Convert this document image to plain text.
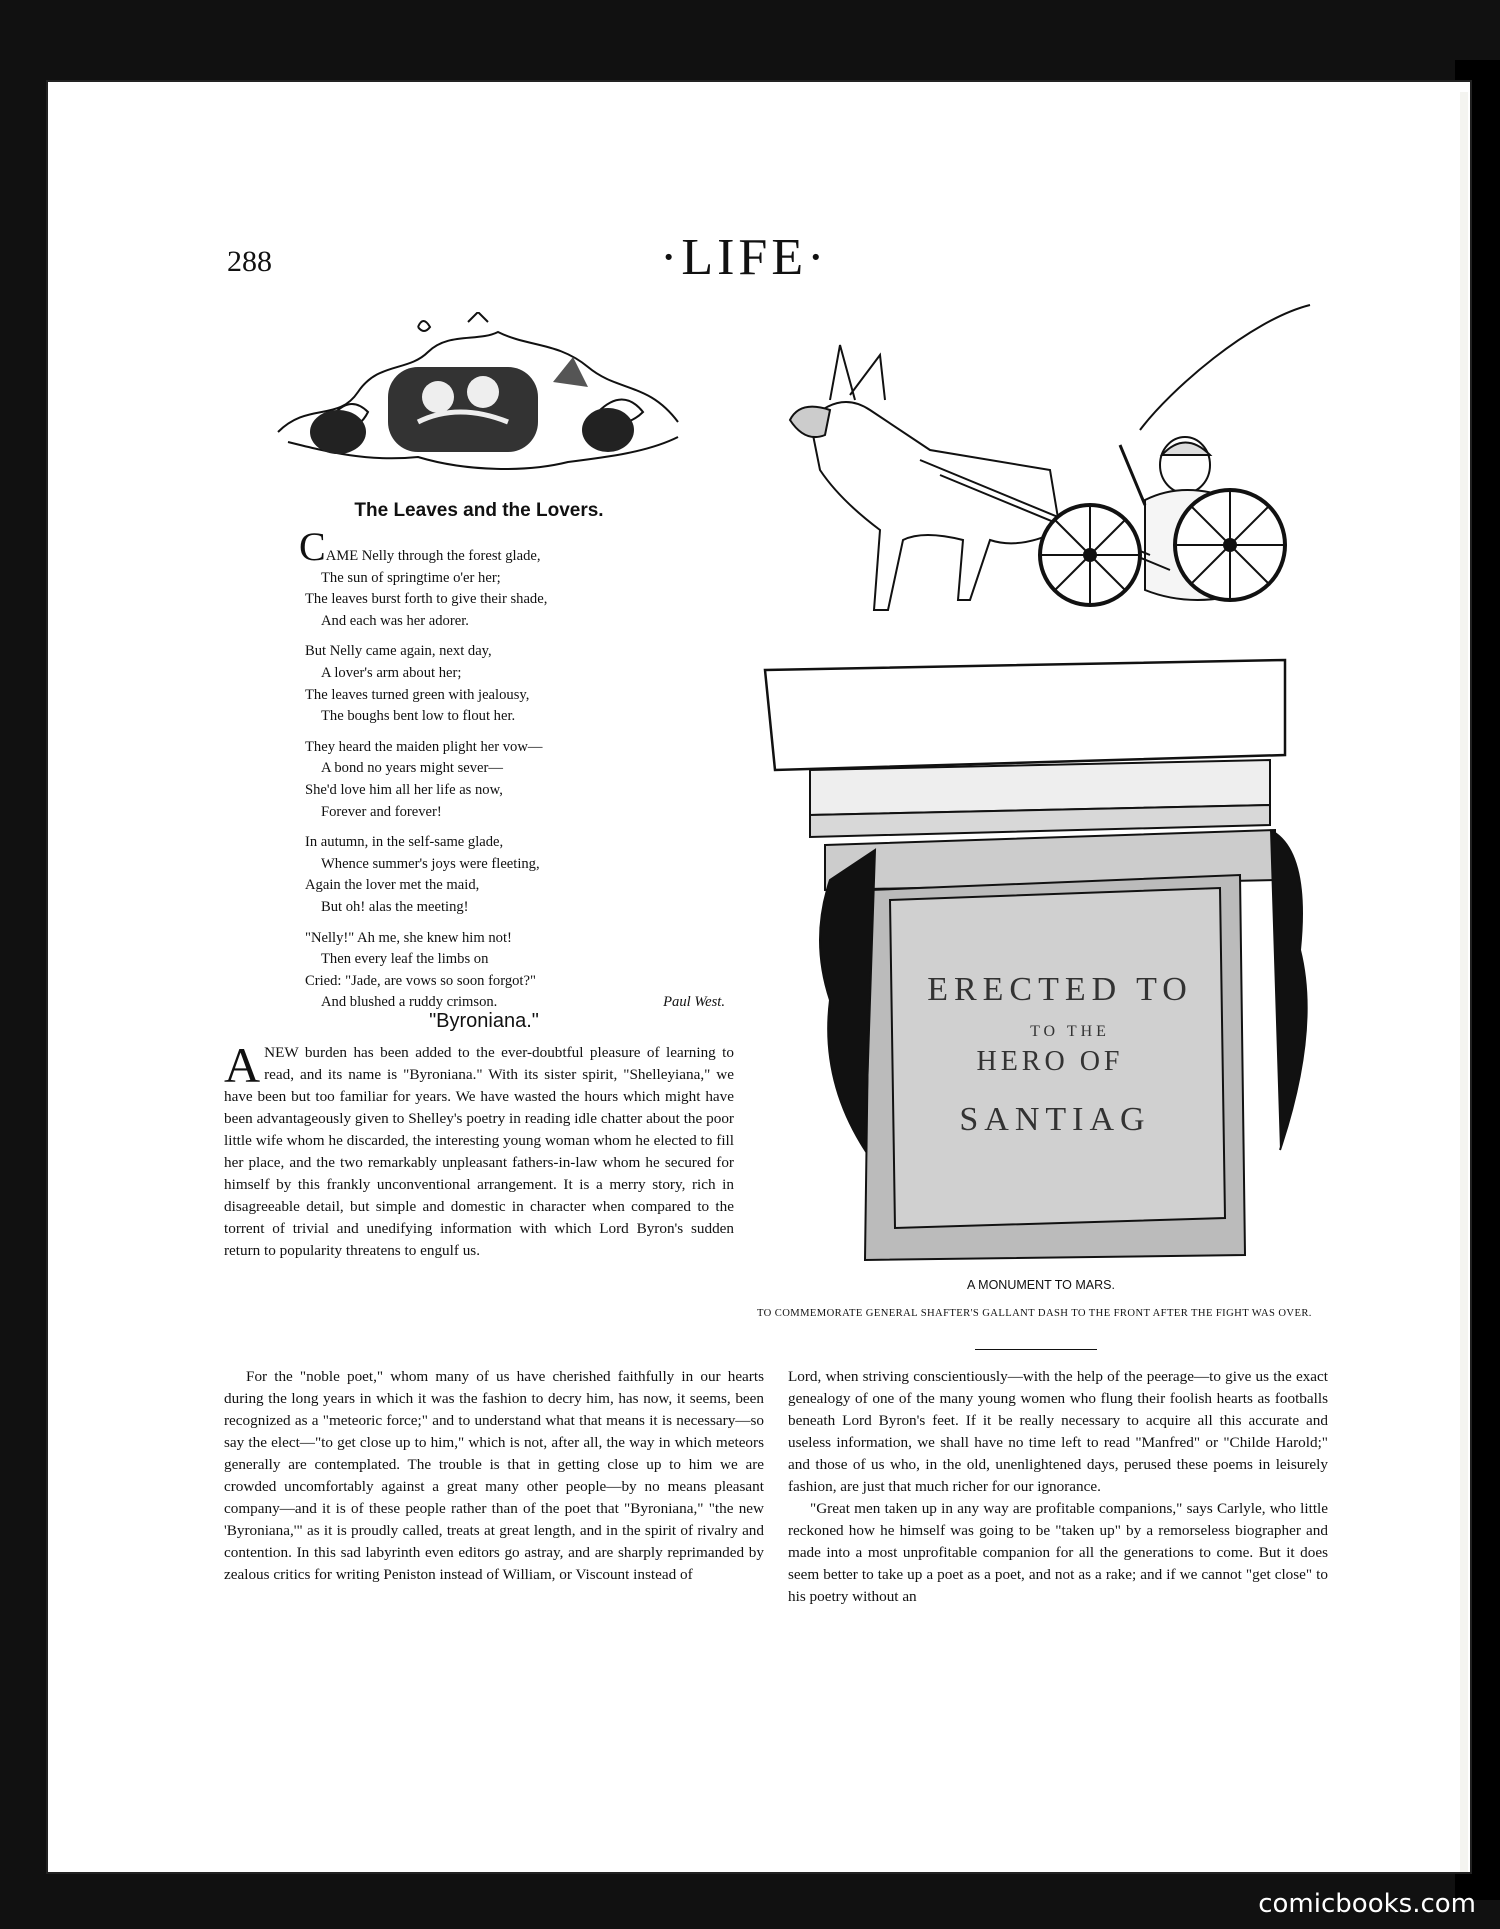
288	·LIFE·
The Leaves and the Lovers.
CAME Nelly through the forest glade,
The sun of springtime o'er her;
The leaves burst forth to give their shade,
And each was her adorer.
But Nelly came again, next day,
A lover's arm about her;
The leaves turned green with jealousy,
The boughs bent low to flout her.
They heard the maiden plight her vow—
A bond no years might sever—
She'd love him all her life as now,
Forever and forever!
In autumn, in the self-same glade,
Whence summer's joys were fleeting,
Again the lover met the maid,
But oh! alas the meeting!
"Nelly!" Ah me, she knew him not!
Then every leaf the limbs on
Cried: "Jade, are vows so soon forgot?"
And blushed a ruddy crimson.	Paul West.
"Byroniana."

ANEW burden has been added to the ever-doubtful pleasure of learning to read, and its name is "Byroniana." With its sister spirit, "Shelleyiana," we have been but too familiar for years. We have wasted the hours which might have been advantageously given to Shelley's poetry in reading idle chatter about the poor little wife whom he discarded, the interesting young woman whom he elected to fill her place, and the two remarkably unpleasant fathers-in-law whom he secured for himself by this frankly unconventional arrangement. It is a merry story, rich in disagreeable detail, but simple and domestic in character when compared to the torrent of trivial and unedifying information with which Lord Byron's sudden return to popularity threatens to engulf us.

For the "noble poet," whom many of us have cherished faithfully in our hearts during the long years in which it was the fashion to decry him, has now, it seems, been recognized as a "meteoric force;" and to understand what that means it is necessary—so say the elect—"to get close up to him," which is not, after all, the way in which meteors generally are contemplated. The trouble is that in getting close up to him we are crowded uncomfortably against a great many other people—by no means pleasant company—and it is of these people rather than of the poet that "Byroniana," "the new 'Byroniana,'" as it is proudly called, treats at great length, and in the spirit of rivalry and contention. In this sad labyrinth even editors go astray, and are sharply reprimanded by zealous critics for writing Peniston instead of William, or Viscount instead of

Lord, when striving conscientiously—with the help of the peerage—to give us the exact genealogy of one of the many young women who flung their foolish hearts as footballs beneath Lord Byron's feet. If it be really necessary to acquire all this accurate and useless information, we shall have no time left to read "Manfred" or "Childe Harold;" and those of us who, in the old, unenlightened days, perused these poems in leisurely fashion, are just that much richer for our ignorance.

"Great men taken up in any way are profitable companions," says Carlyle, who little reckoned how he himself was going to be "taken up" by a remorseless biographer and made into a most unprofitable companion for all the generations to come. But it does seem better to take up a poet as a poet, and not as a rake; and if we cannot "get close" to his poetry without an

ERECTED TO
TO THE
HERO OF
SANTIAG
A MONUMENT TO MARS.
TO COMMEMORATE GENERAL SHAFTER'S GALLANT DASH TO THE FRONT AFTER THE FIGHT WAS OVER.
comicbooks.com
